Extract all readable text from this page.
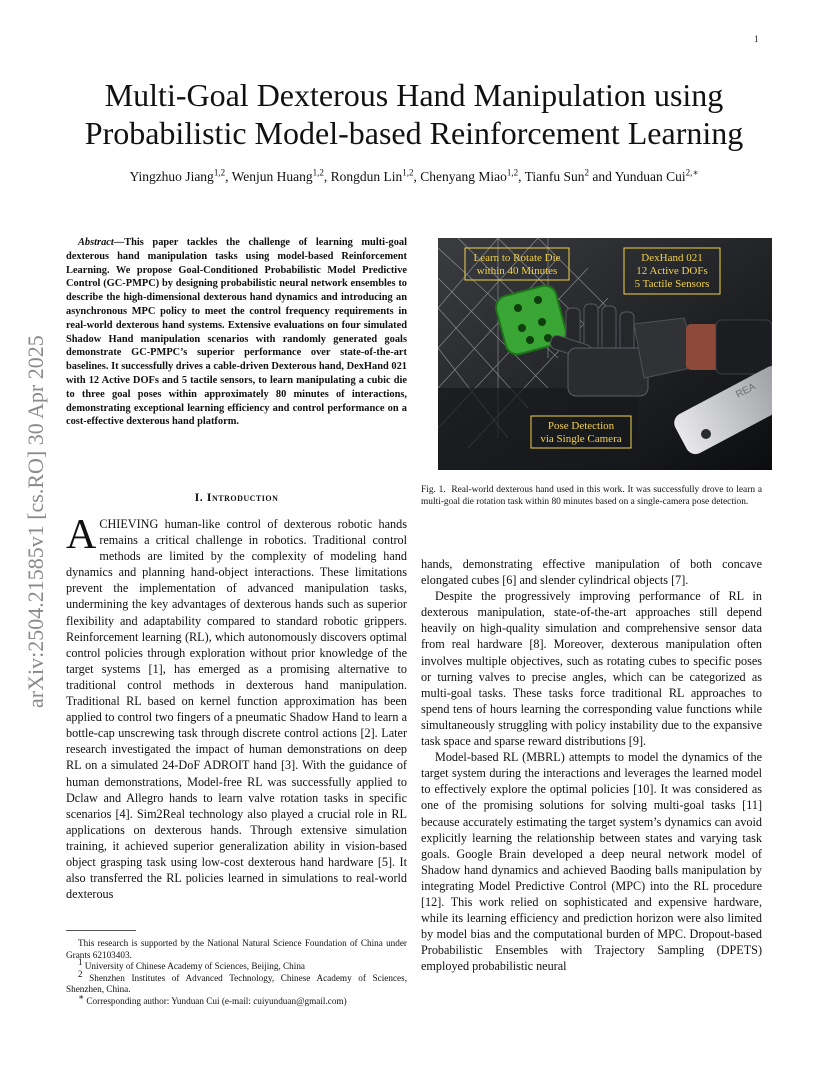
1
arXiv:2504.21585v1 [cs.RO] 30 Apr 2025
Multi-Goal Dexterous Hand Manipulation using Probabilistic Model-based Reinforcement Learning
Yingzhuo Jiang$^{1,2}$, Wenjun Huang$^{1,2}$, Rongdun Lin$^{1,2}$, Chenyang Miao$^{1,2}$, Tianfu Sun$^2$ and Yunduan Cui$^{2,∗}$

Abstract—This paper tackles the challenge of learning multi-goal dexterous hand manipulation tasks using model-based Reinforcement Learning. We propose Goal-Conditioned Probabilistic Model Predictive Control (GC-PMPC) by designing probabilistic neural network ensembles to describe the high-dimensional dexterous hand dynamics and introducing an asynchronous MPC policy to meet the control frequency requirements in real-world dexterous hand systems. Extensive evaluations on four simulated Shadow Hand manipulation scenarios with randomly generated goals demonstrate GC-PMPC’s superior performance over state-of-the-art baselines. It successfully drives a cable-driven Dexterous hand, DexHand 021 with 12 Active DOFs and 5 tactile sensors, to learn manipulating a cubic die to three goal poses within approximately 80 minutes of interactions, demonstrating exceptional learning efficiency and control performance on a cost-effective dexterous hand platform.

I. Introduction

ACHIEVING human-like control of dexterous robotic hands remains a critical challenge in robotics. Traditional control methods are limited by the complexity of modeling hand dynamics and planning hand-object interactions. These limitations prevent the implementation of advanced manipulation tasks, undermining the key advantages of dexterous hands such as superior flexibility and adaptability compared to standard robotic grippers. Reinforcement learning (RL), which autonomously discovers optimal control policies through exploration without prior knowledge of the target systems [1], has emerged as a promising alternative to traditional control methods in dexterous hand manipulation. Traditional RL based on kernel function approximation has been applied to control two fingers of a pneumatic Shadow Hand to learn a bottle-cap unscrewing task through discrete control actions [2]. Later research investigated the impact of human demonstrations on deep RL on a simulated 24-DoF ADROIT hand [3]. With the guidance of human demonstrations, Model-free RL was successfully applied to Dclaw and Allegro hands to learn valve rotation tasks in specific scenarios [4]. Sim2Real technology also played a crucial role in RL applications on dexterous hands. Through extensive simulation training, it achieved superior generalization ability in vision-based object grasping task using low-cost dexterous hand hardware [5]. It also transferred the RL policies learned in simulations to real-world dexterous

This research is supported by the National Natural Science Foundation of China under Grants 62103403.

$^1$ University of Chinese Academy of Sciences, Beijing, China

$^2$ Shenzhen Institutes of Advanced Technology, Chinese Academy of Sciences, Shenzhen, China.

∗ Corresponding author: Yunduan Cui (e-mail: cuiyunduan@gmail.com)

REA
Learn to Rotate Die
within 40 Minutes
DexHand 021
12 Active DOFs
5 Tactile Sensors
Pose Detection
via Single Camera

Fig. 1. Real-world dexterous hand used in this work. It was successfully drove to learn a multi-goal die rotation task within 80 minutes based on a single-camera pose detection.

hands, demonstrating effective manipulation of both concave elongated cubes [6] and slender cylindrical objects [7].

Despite the progressively improving performance of RL in dexterous manipulation, state-of-the-art approaches still depend heavily on high-quality simulation and comprehensive sensor data from real hardware [8]. Moreover, dexterous manipulation often involves multiple objectives, such as rotating cubes to specific poses or turning valves to precise angles, which can be categorized as multi-goal tasks. These tasks force traditional RL approaches to spend tens of hours learning the corresponding value functions while simultaneously struggling with policy instability due to the expansive task space and sparse reward distributions [9].

Model-based RL (MBRL) attempts to model the dynamics of the target system during the interactions and leverages the learned model to effectively explore the optimal policies [10]. It was considered as one of the promising solutions for solving multi-goal tasks [11] because accurately estimating the target system’s dynamics can avoid explicitly learning the relationship between states and varying task goals. Google Brain developed a deep neural network model of Shadow hand dynamics and achieved Baoding balls manipulation by integrating Model Predictive Control (MPC) into the RL procedure [12]. This work relied on sophisticated and expensive hardware, while its learning efficiency and prediction horizon were also limited by model bias and the computational burden of MPC. Dropout-based Probabilistic Ensembles with Trajectory Sampling (DPETS) employed probabilistic neural
